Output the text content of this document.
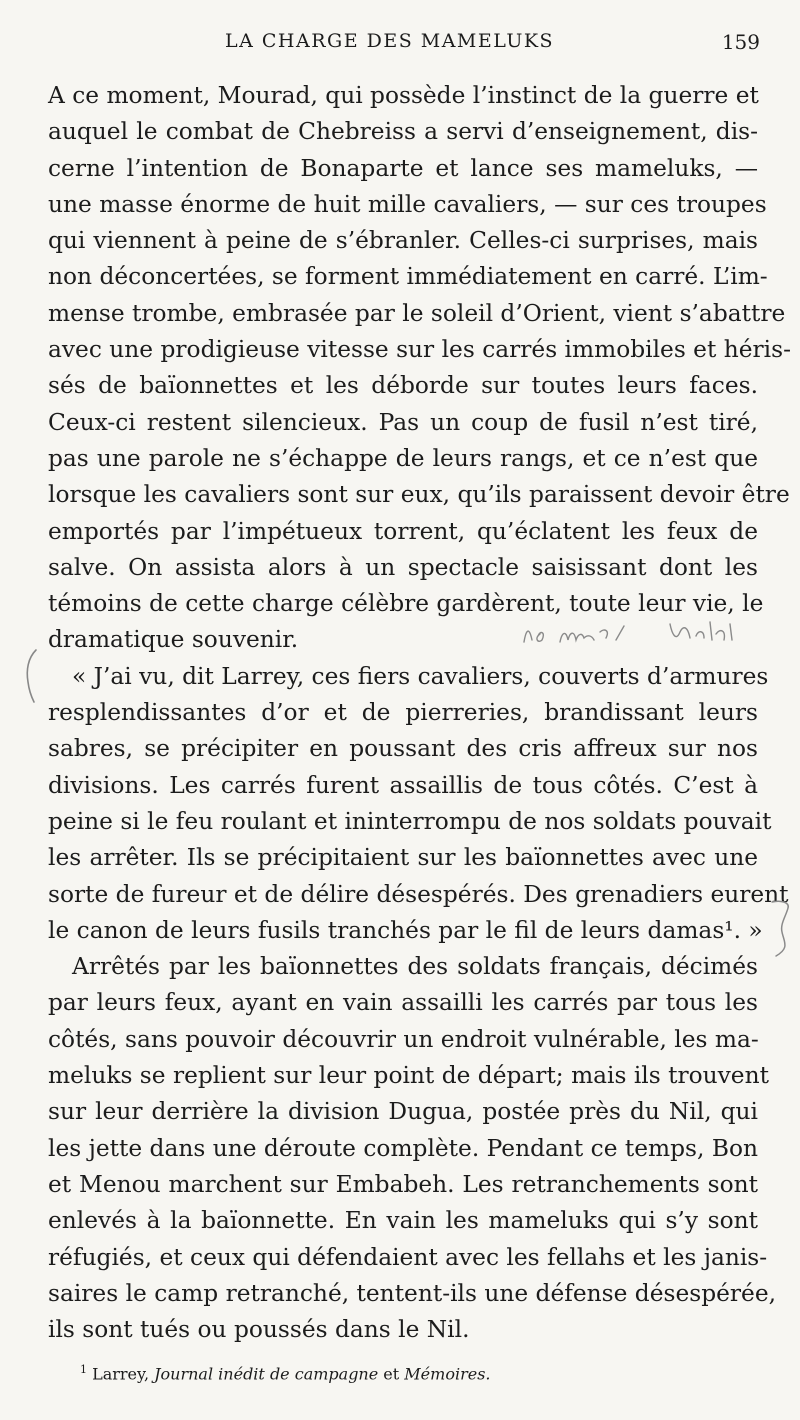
LA CHARGE DES MAMELUKS	159
A ce moment, Mourad, qui possède l’instinct de la guerre et
auquel le combat de Chebreiss a servi d’enseignement, dis-
cerne l’intention de Bonaparte et lance ses mameluks, —
une masse énorme de huit mille cavaliers, — sur ces troupes
qui viennent à peine de s’ébranler. Celles-ci surprises, mais
non déconcertées, se forment immédiatement en carré. L’im-
mense trombe, embrasée par le soleil d’Orient, vient s’abattre
avec une prodigieuse vitesse sur les carrés immobiles et héris-
sés de baïonnettes et les déborde sur toutes leurs faces.
Ceux-ci restent silencieux. Pas un coup de fusil n’est tiré,
pas une parole ne s’échappe de leurs rangs, et ce n’est que
lorsque les cavaliers sont sur eux, qu’ils paraissent devoir être
emportés par l’impétueux torrent, qu’éclatent les feux de
salve. On assista alors à un spectacle saisissant dont les
témoins de cette charge célèbre gardèrent, toute leur vie, le
dramatique souvenir.
« J’ai vu, dit Larrey, ces fiers cavaliers, couverts d’armures
resplendissantes d’or et de pierreries, brandissant leurs
sabres, se précipiter en poussant des cris affreux sur nos
divisions. Les carrés furent assaillis de tous côtés. C’est à
peine si le feu roulant et ininterrompu de nos soldats pouvait
les arrêter. Ils se précipitaient sur les baïonnettes avec une
sorte de fureur et de délire désespérés. Des grenadiers eurent
le canon de leurs fusils tranchés par le fil de leurs damas¹. »
Arrêtés par les baïonnettes des soldats français, décimés
par leurs feux, ayant en vain assailli les carrés par tous les
côtés, sans pouvoir découvrir un endroit vulnérable, les ma-
meluks se replient sur leur point de départ; mais ils trouvent
sur leur derrière la division Dugua, postée près du Nil, qui
les jette dans une déroute complète. Pendant ce temps, Bon
et Menou marchent sur Embabeh. Les retranchements sont
enlevés à la baïonnette. En vain les mameluks qui s’y sont
réfugiés, et ceux qui défendaient avec les fellahs et les janis-
saires le camp retranché, tentent-ils une défense désespérée,
ils sont tués ou poussés dans le Nil.
$^1$ Larrey, Journal inédit de campagne et Mémoires.
